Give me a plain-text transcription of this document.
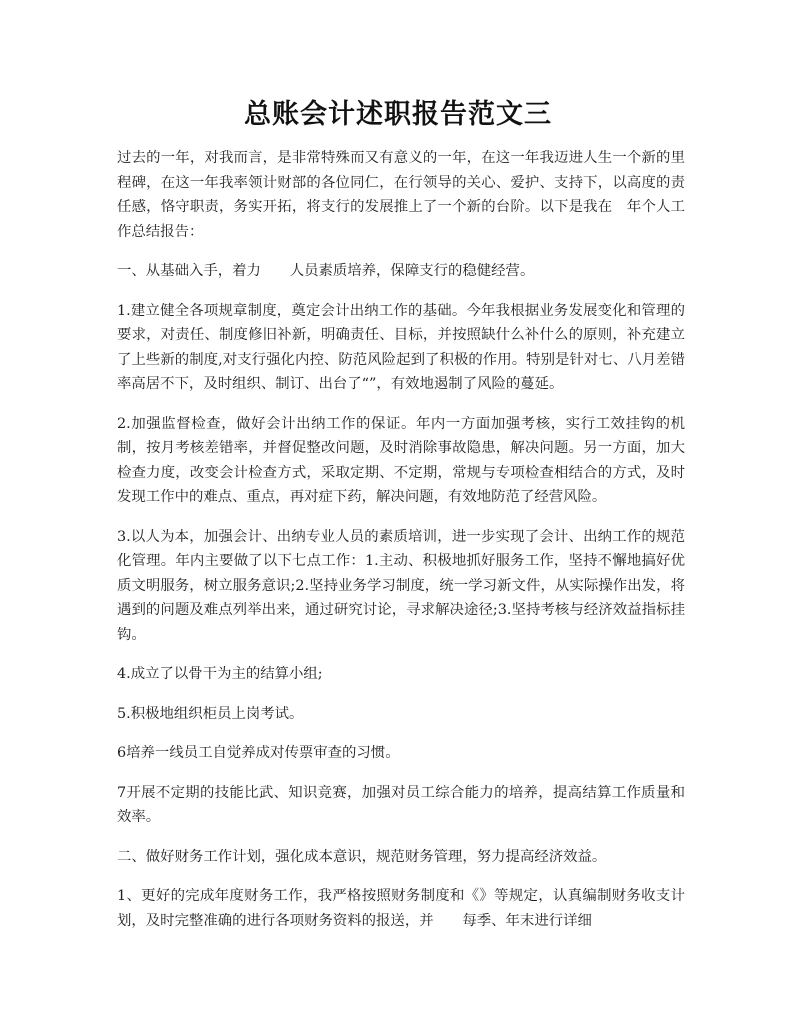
总账会计述职报告范文三

过去的一年，对我而言，是非常特殊而又有意义的一年，在这一年我迈进人生一个新的里程碑，在这一年我率领计财部的各位同仁，在行领导的关心、爱护、支持下，以高度的责任感，恪守职责，务实开拓，将支行的发展推上了一个新的台阶。以下是我在　年个人工作总结报告：

一、从基础入手，着力　　人员素质培养，保障支行的稳健经营。

1.建立健全各项规章制度，奠定会计出纳工作的基础。今年我根据业务发展变化和管理的要求，对责任、制度修旧补新，明确责任、目标，并按照缺什么补什么的原则，补充建立了上些新的制度,对支行强化内控、防范风险起到了积极的作用。特别是针对七、八月差错率高居不下，及时组织、制订、出台了“”，有效地遏制了风险的蔓延。

2.加强监督检查，做好会计出纳工作的保证。年内一方面加强考核，实行工效挂钩的机制，按月考核差错率，并督促整改问题，及时消除事故隐患，解决问题。另一方面，加大检查力度，改变会计检查方式，采取定期、不定期，常规与专项检查相结合的方式，及时发现工作中的难点、重点，再对症下药，解决问题，有效地防范了经营风险。

3.以人为本，加强会计、出纳专业人员的素质培训，进一步实现了会计、出纳工作的规范化管理。年内主要做了以下七点工作：1.主动、积极地抓好服务工作，坚持不懈地搞好优质文明服务，树立服务意识;2.坚持业务学习制度，统一学习新文件，从实际操作出发，将遇到的问题及难点列举出来，通过研究讨论，寻求解决途径;3.坚持考核与经济效益指标挂钩。

4.成立了以骨干为主的结算小组;

5.积极地组织柜员上岗考试。

6培养一线员工自觉养成对传票审查的习惯。

7开展不定期的技能比武、知识竞赛，加强对员工综合能力的培养，提高结算工作质量和效率。

二、做好财务工作计划，强化成本意识，规范财务管理，努力提高经济效益。

1、更好的完成年度财务工作，我严格按照财务制度和《》等规定，认真编制财务收支计划，及时完整准确的进行各项财务资料的报送，并　　每季、年末进行详细
